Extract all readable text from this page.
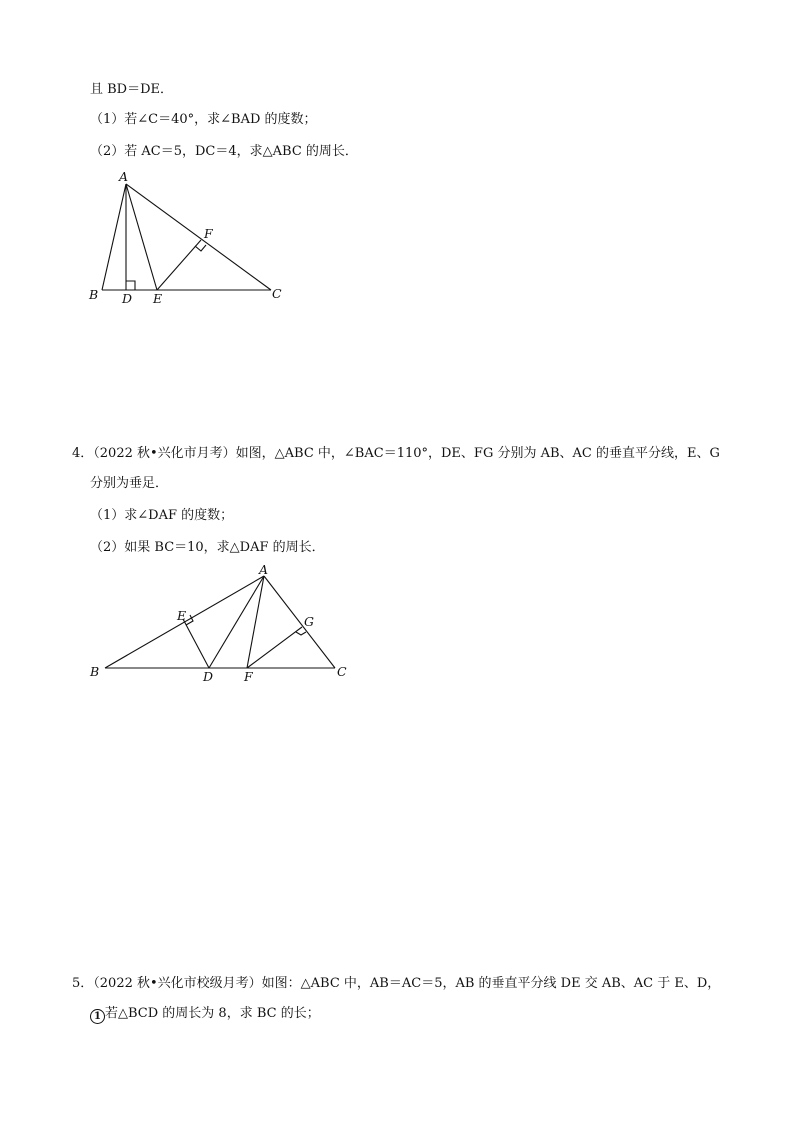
且 BD＝DE．
（1）若∠C＝40°，求∠BAD 的度数；
（2）若 AC＝5，DC＝4，求△ABC 的周长．
A
B D E	C
F
4．（2022 秋•兴化市月考）如图，△ABC 中，∠BAC＝110°，DE、FG 分别为 AB、AC 的垂直平分线，E、G
分别为垂足．
（1）求∠DAF 的度数；
（2）如果 BC＝10，求△DAF 的周长．
A
B	C
D
E
F
G
5．（2022 秋•兴化市校级月考）如图：△ABC 中，AB＝AC＝5，AB 的垂直平分线 DE 交 AB、AC 于 E、D，
1 若△BCD 的周长为 8，求 BC 的长；
